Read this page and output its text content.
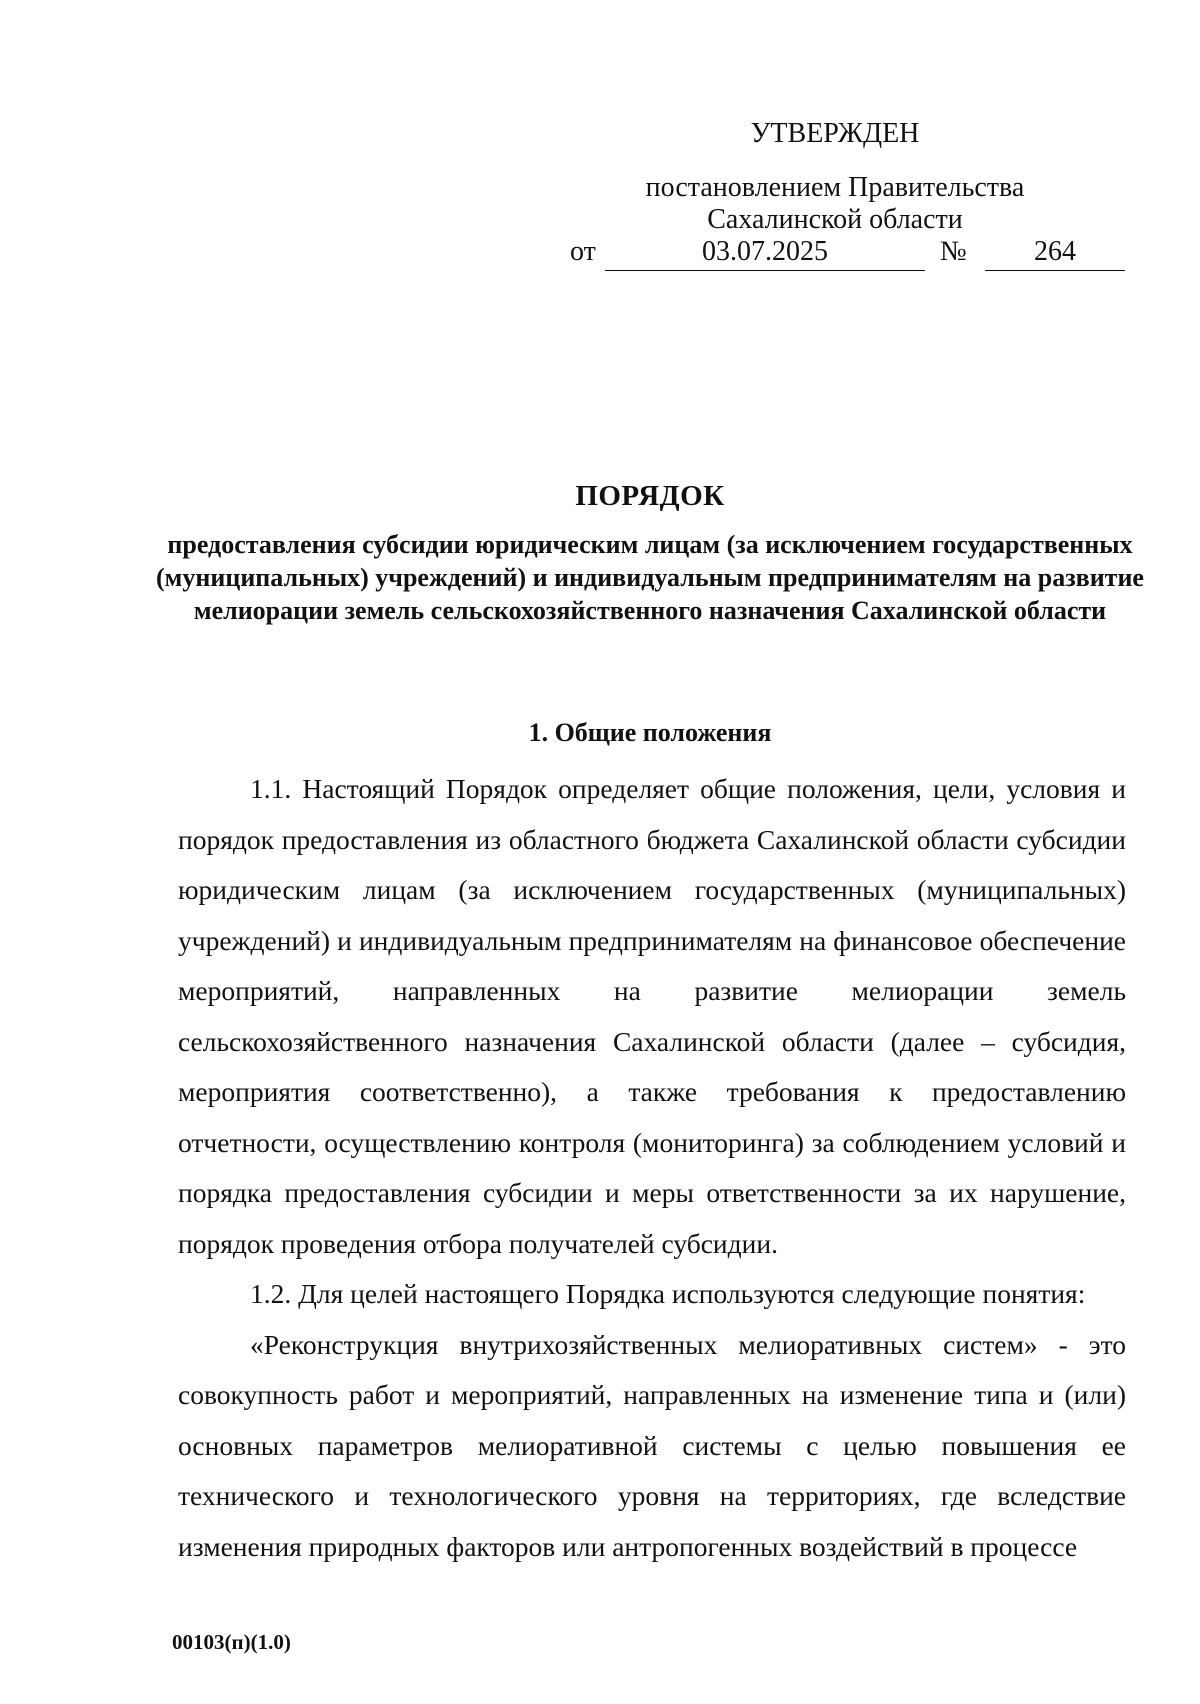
УТВЕРЖДЕН
постановлением Правительства
Сахалинской области
от	03.07.2025	№	264
ПОРЯДОК
предоставления субсидии юридическим лицам (за исключением государственных (муниципальных) учреждений) и индивидуальным предпринимателям на развитие мелиорации земель сельскохозяйственного назначения Сахалинской области
1. Общие положения

1.1. Настоящий Порядок определяет общие положения, цели, условия и порядок предоставления из областного бюджета Сахалинской области субсидии юридическим лицам (за исключением государственных (муниципальных) учреждений) и индивидуальным предпринимателям на финансовое обеспечение мероприятий, направленных на развитие мелиорации земель сельскохозяйственного назначения Сахалинской области (далее – субсидия, мероприятия соответственно), а также требования к предоставлению отчетности, осуществлению контроля (мониторинга) за соблюдением условий и порядка предоставления субсидии и меры ответственности за их нарушение, порядок проведения отбора получателей субсидии.

1.2. Для целей настоящего Порядка используются следующие понятия:

«Реконструкция внутрихозяйственных мелиоративных систем» - это совокупность работ и мероприятий, направленных на изменение типа и (или) основных параметров мелиоративной системы с целью повышения ее технического и технологического уровня на территориях, где вследствие изменения природных факторов или антропогенных воздействий в процессе

00103(п)(1.0)
